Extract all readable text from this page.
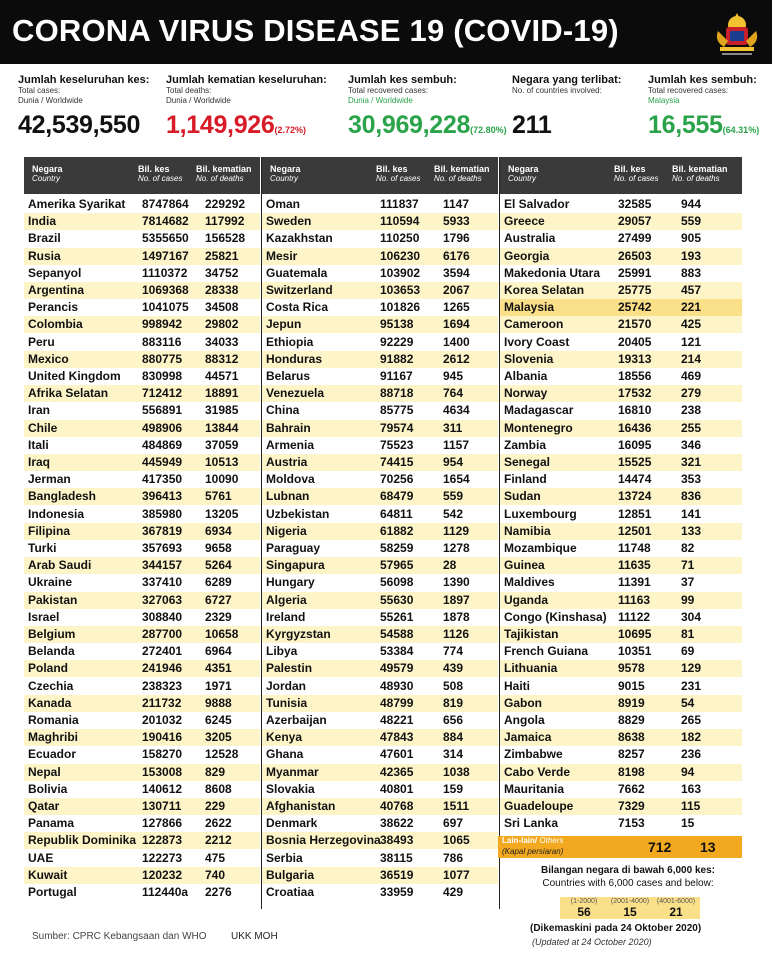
CORONA VIRUS DISEASE 19 (COVID-19)
Jumlah keseluruhan kes:
Total cases:
Dunia / Worldwide
42,539,550
Jumlah kematian keseluruhan:
Total deaths:
Dunia / Worldwide
1,149,926(2.72%)
Jumlah kes sembuh:
Total recovered cases:
Dunia / Worldwide
30,969,228(72.80%)
Negara yang terlibat:
No. of countries involved:

211
Jumlah kes sembuh:
Total recovered cases:
Malaysia
16,555(64.31%)
Negara
Country
Bil. kes
No. of cases
Bil. kematian
No. of deaths
Negara
Country
Bil. kes
No. of cases
Bil. kematian
No. of deaths
Negara
Country
Bil. kes
No. of cases
Bil. kematian
No. of deaths
Amerika Syarikat 8747864 229292
India	7814682 117992
Brazil	5355650 156528
Rusia	1497167 25821
Sepanyol	1110372 34752
Argentina	1069368 28338
Perancis	1041075 34508
Colombia	998942 29802
Peru	883116 34033
Mexico	880775 88312
United Kingdom 830998 44571
Afrika Selatan	712412 18891
Iran	556891 31985
Chile	498906 13844
Itali	484869 37059
Iraq	445949 10513
Jerman	417350 10090
Bangladesh	396413 5761
Indonesia	385980 13205
Filipina	367819 6934
Turki	357693 9658
Arab Saudi	344157 5264
Ukraine	337410 6289
Pakistan	327063 6727
Israel	308840 2329
Belgium	287700 10658
Belanda	272401 6964
Poland	241946 4351
Czechia	238323 1971
Kanada	211732 9888
Romania	201032 6245
Maghribi	190416 3205
Ecuador	158270 12528
Nepal	153008 829
Bolivia	140612 8608
Qatar	130711 229
Panama	127866 2622
Republik Dominika 122873 2212
UAE	122273 475
Kuwait	120232 740
Portugal	112440a 2276
Oman	111837 1147
Sweden	110594 5933
Kazakhstan	110250 1796
Mesir	106230 6176
Guatemala	103902 3594
Switzerland	103653 2067
Costa Rica	101826 1265
Jepun	95138 1694
Ethiopia	92229 1400
Honduras	91882 2612
Belarus	91167	945
Venezuela	88718 764
China	85775 4634
Bahrain	79574 311
Armenia	75523 1157
Austria	74415 954
Moldova	70256 1654
Lubnan	68479 559
Uzbekistan	64811	542
Nigeria	61882 1129
Paraguay	58259 1278
Singapura	57965 28
Hungary	56098 1390
Algeria	55630 1897
Ireland	55261 1878
Kyrgyzstan	54588 1126
Libya	53384 774
Palestin	49579 439
Jordan	48930 508
Tunisia	48799 819
Azerbaijan	48221 656
Kenya	47843 884
Ghana	47601 314
Myanmar	42365 1038
Slovakia	40801 159
Afghanistan	40768 1511
Denmark	38622 697
Bosnia Herzegovina 38493 1065
Serbia	38115	786
Bulgaria	36519 1077
Croatiaa	33959 429
El Salvador	32585 944
Greece	29057 559
Australia	27499 905
Georgia	26503 193
Makedonia Utara 25991 883
Korea Selatan	25775 457
Malaysia	25742 221
Cameroon	21570 425
Ivory Coast	20405 121
Slovenia	19313 214
Albania	18556 469
Norway	17532 279
Madagascar	16810 238
Montenegro	16436 255
Zambia	16095 346
Senegal	15525 321
Finland	14474 353
Sudan	13724 836
Luxembourg	12851 141
Namibia	12501 133
Mozambique	11748	82
Guinea	11635	71
Maldives	11391	37
Uganda	11163	99
Congo (Kinshasa) 11122	304
Tajikistan	10695 81
French Guiana 10351 69
Lithuania	9578	129
Haiti	9015	231
Gabon	8919	54
Angola	8829	265
Jamaica	8638	182
Zimbabwe	8257	236
Cabo Verde	8198	94
Mauritania	7662	163
Guadeloupe	7329	115
Sri Lanka	7153	15
Lain-lain/ Others
(Kapal persiaran)	712 13
Bilangan negara di bawah 6,000 kes:
Countries with 6,000 cases and below:
(1-2000)
56
(2001-4000)
15
(4001-6000)
21
(Dikemaskini pada 24 Oktober 2020)
(Updated at 24 October 2020)
Sumber: CPRC Kebangsaan dan WHO UKK MOH
